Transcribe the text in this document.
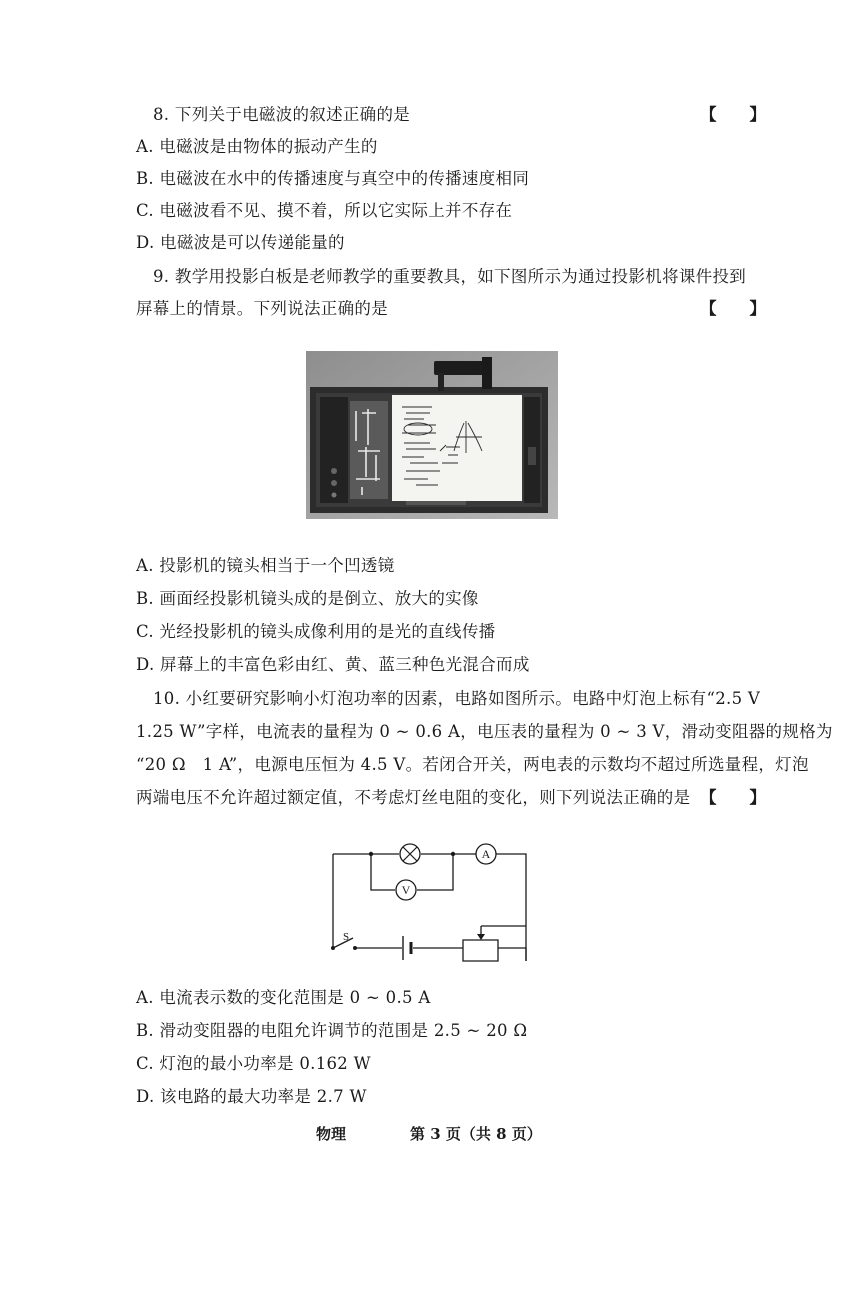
8. 下列关于电磁波的叙述正确的是	【　　】
A. 电磁波是由物体的振动产生的
B. 电磁波在水中的传播速度与真空中的传播速度相同
C. 电磁波看不见、摸不着，所以它实际上并不存在
D. 电磁波是可以传递能量的
9. 教学用投影白板是老师教学的重要教具，如下图所示为通过投影机将课件投到
屏幕上的情景。下列说法正确的是	【　　】
A. 投影机的镜头相当于一个凹透镜
B. 画面经投影机镜头成的是倒立、放大的实像
C. 光经投影机的镜头成像利用的是光的直线传播
D. 屏幕上的丰富色彩由红、黄、蓝三种色光混合而成
10. 小红要研究影响小灯泡功率的因素，电路如图所示。电路中灯泡上标有“2.5 V
1.25 W”字样，电流表的量程为 0 ~ 0.6 A，电压表的量程为 0 ~ 3 V，滑动变阻器的规格为
“20 Ω　1 A”，电源电压恒为 4.5 V。若闭合开关，两电表的示数均不超过所选量程，灯泡
两端电压不允许超过额定值，不考虑灯丝电阻的变化，则下列说法正确的是 【　　】
S
A
V
A. 电流表示数的变化范围是 0 ~ 0.5 A
B. 滑动变阻器的电阻允许调节的范围是 2.5 ~ 20 Ω
C. 灯泡的最小功率是 0.162 W
D. 该电路的最大功率是 2.7 W
物理	第 3 页（共 8 页）
